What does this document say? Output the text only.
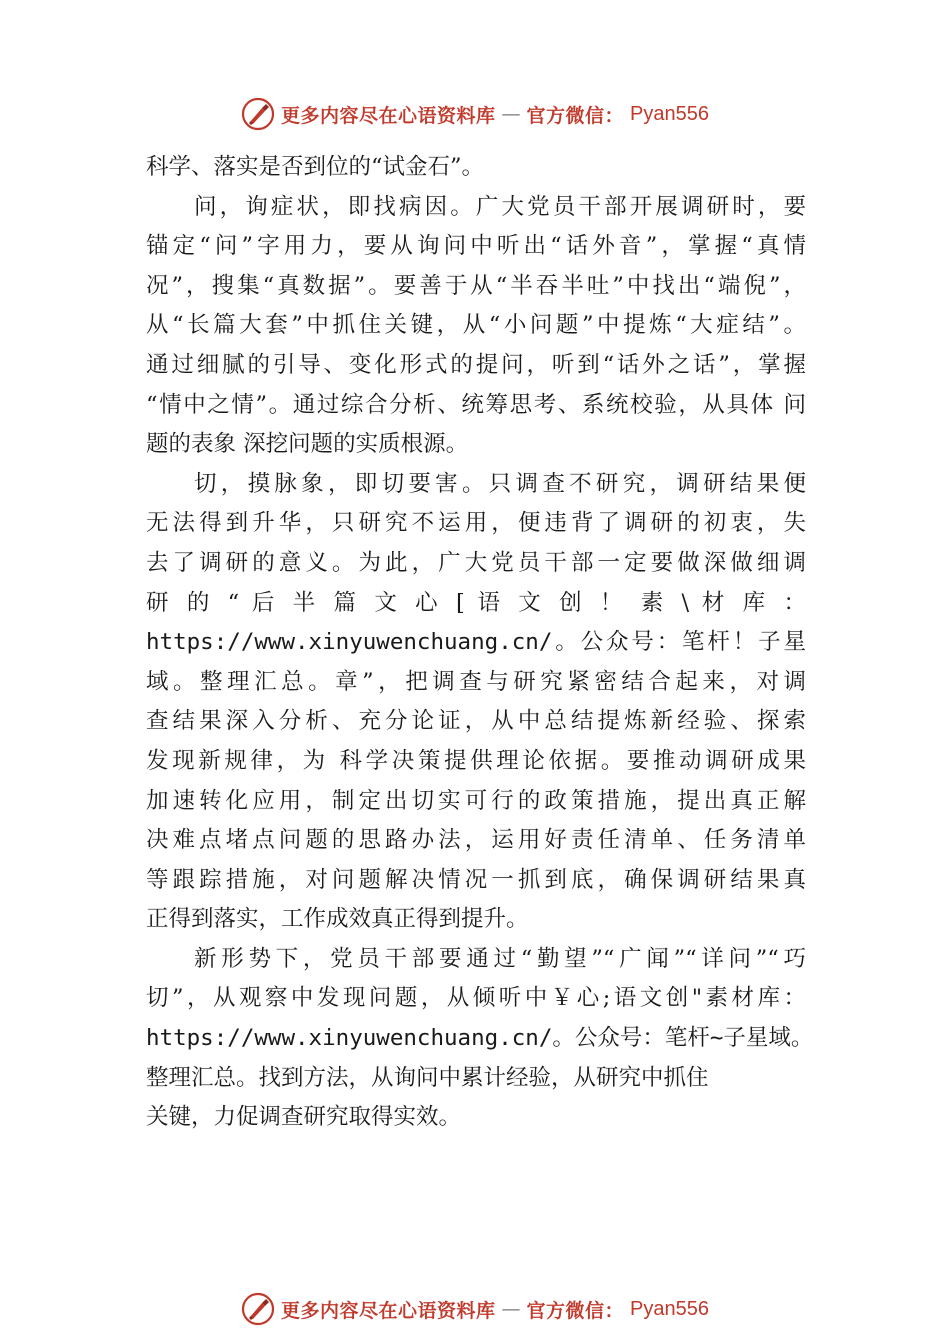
更多内容尽在心语资料库 — 官方微信： Pyan556
科学、落实是否到位的“试金石”。
问，询症状，即找病因。广大党员干部开展调研时，要
锚定“问”字用力，要从询问中听出“话外音”，掌握“真情
况”，搜集“真数据”。要善于从“半吞半吐”中找出“端倪”，
从“长篇大套”中抓住关键，从“小问题”中提炼“大症结”。
通过细腻的引导、变化形式的提问，听到“话外之话”，掌握
“情中之情”。通过综合分析、统筹思考、系统校验，从具体 问
题的表象 深挖问题的实质根源。
切，摸脉象，即切要害。只调查不研究，调研结果便
无法得到升华，只研究不运用，便违背了调研的初衷，失
去了调研的意义。为此，广大党员干部一定要做深做细调
研 的 “ 后 半 篇 文 心 [ 语 文 创 ！ 素 \ 材 库 ：
https://www.xinyuwenchuang.cn/。公众号：笔杆！子星
域。整理汇总。章”，把调查与研究紧密结合起来，对调
查结果深入分析、充分论证，从中总结提炼新经验、探索
发现新规律，为 科学决策提供理论依据。要推动调研成果
加速转化应用，制定出切实可行的政策措施，提出真正解
决难点堵点问题的思路办法，运用好责任清单、任务清单
等跟踪措施，对问题解决情况一抓到底，确保调研结果真
正得到落实，工作成效真正得到提升。
新形势下，党员干部要通过“勤望”“广闻”“详问”“巧
切”，从观察中发现问题，从倾听中￥心;语文创"素材库：
https://www.xinyuwenchuang.cn/。公众号：笔杆~子星域。
整理汇总。找到方法，从询问中累计经验，从研究中抓住
关键，力促调查研究取得实效。
更多内容尽在心语资料库 — 官方微信： Pyan556
